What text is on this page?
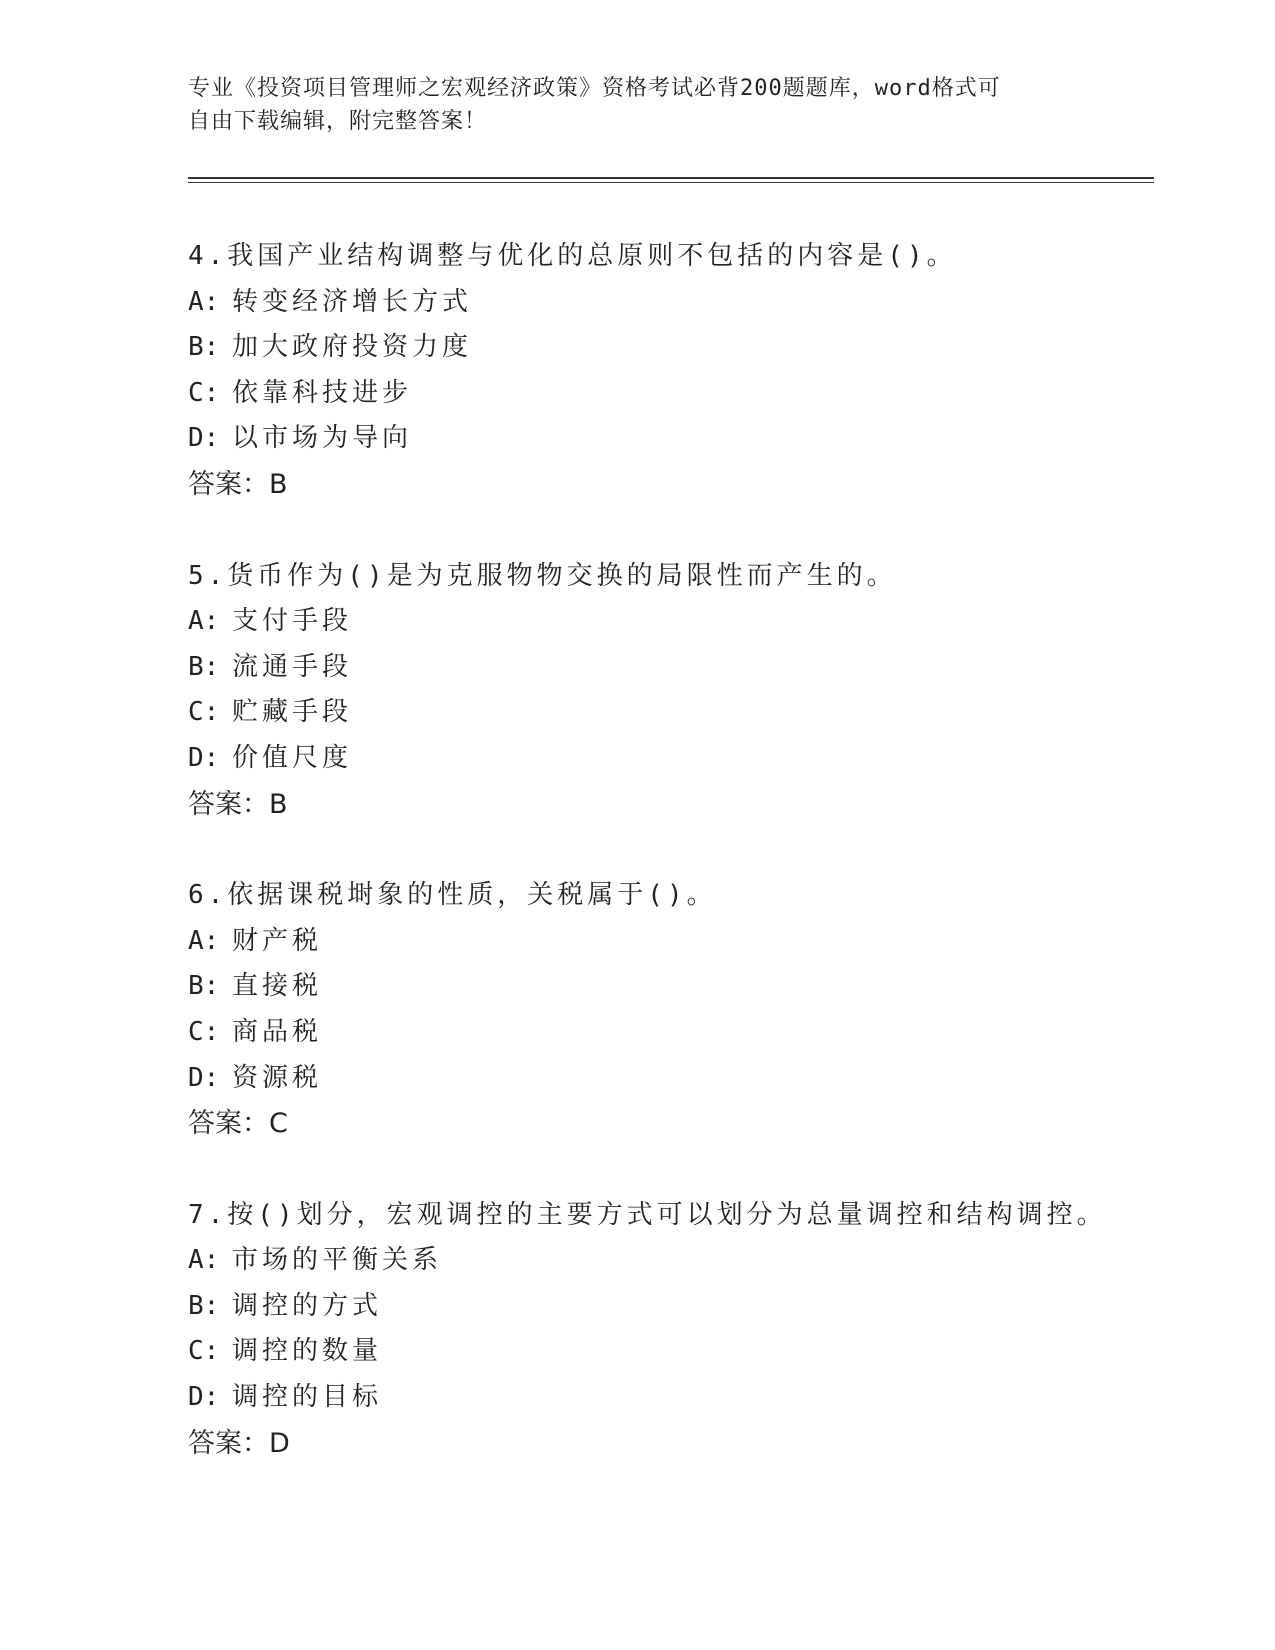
专业《投资项目管理师之宏观经济政策》资格考试必背200题题库，word格式可
自由下载编辑，附完整答案！
4.我国产业结构调整与优化的总原则不包括的内容是()。
A: 转变经济增长方式
B: 加大政府投资力度
C: 依靠科技进步
D: 以市场为导向
答案：B
5.货币作为()是为克服物物交换的局限性而产生的。
A: 支付手段
B: 流通手段
C: 贮藏手段
D: 价值尺度
答案：B
6.依据课税埘象的性质，关税属于()。
A: 财产税
B: 直接税
C: 商品税
D: 资源税
答案：C
7.按()划分，宏观调控的主要方式可以划分为总量调控和结构调控。
A: 市场的平衡关系
B: 调控的方式
C: 调控的数量
D: 调控的目标
答案：D
